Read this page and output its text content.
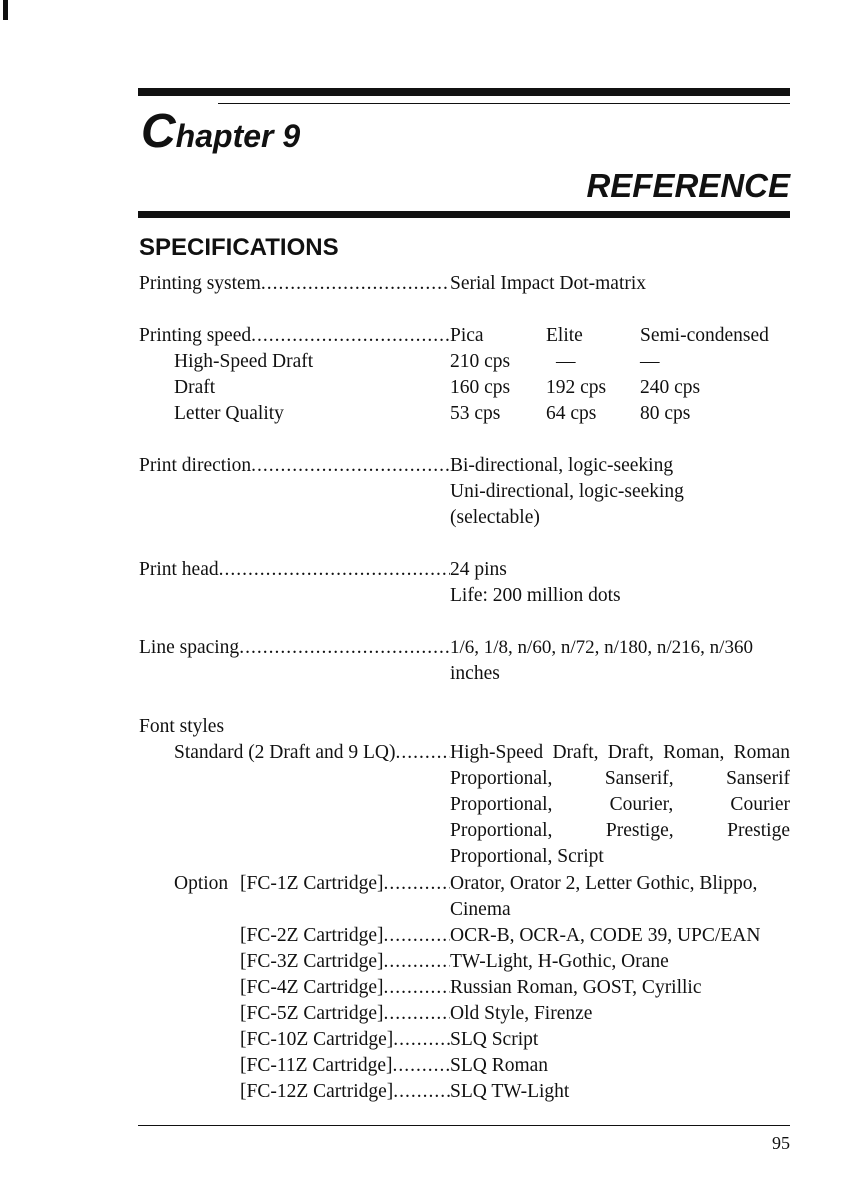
Chapter 9
REFERENCE
SPECIFICATIONS
Printing system .....	Serial Impact Dot-matrix
Printing speed .....	Pica	Elite	Semi-condensed
High-Speed Draft	210 cps —	—
Draft	160 cps 192 cps 240 cps
Letter Quality	53 cps 64 cps 80 cps
Print direction .....	Bi-directional, logic-seeking
Uni-directional, logic-seeking
(selectable)
Print head .....	24 pins
Life: 200 million dots
Line spacing .....	1/6, 1/8, n/60, n/72, n/180, n/216, n/360
inches
Font styles
Standard (2 Draft and 9 LQ) .....	High-Speed Draft, Draft, Roman, Roman Proportional, Sanserif, Sanserif Proportional, Courier, Courier Proportional, Prestige, Prestige Proportional, Script
Option [FC-1Z Cartridge] .....	Orator, Orator 2, Letter Gothic, Blippo, Cinema
[FC-2Z Cartridge] .....	OCR-B, OCR-A, CODE 39, UPC/EAN
[FC-3Z Cartridge] .....	TW-Light, H-Gothic, Orane
[FC-4Z Cartridge] .....	Russian Roman, GOST, Cyrillic
[FC-5Z Cartridge] .....	Old Style, Firenze
[FC-10Z Cartridge] .....	SLQ Script
[FC-11Z Cartridge] .....	SLQ Roman
[FC-12Z Cartridge] .....	SLQ TW-Light
95
